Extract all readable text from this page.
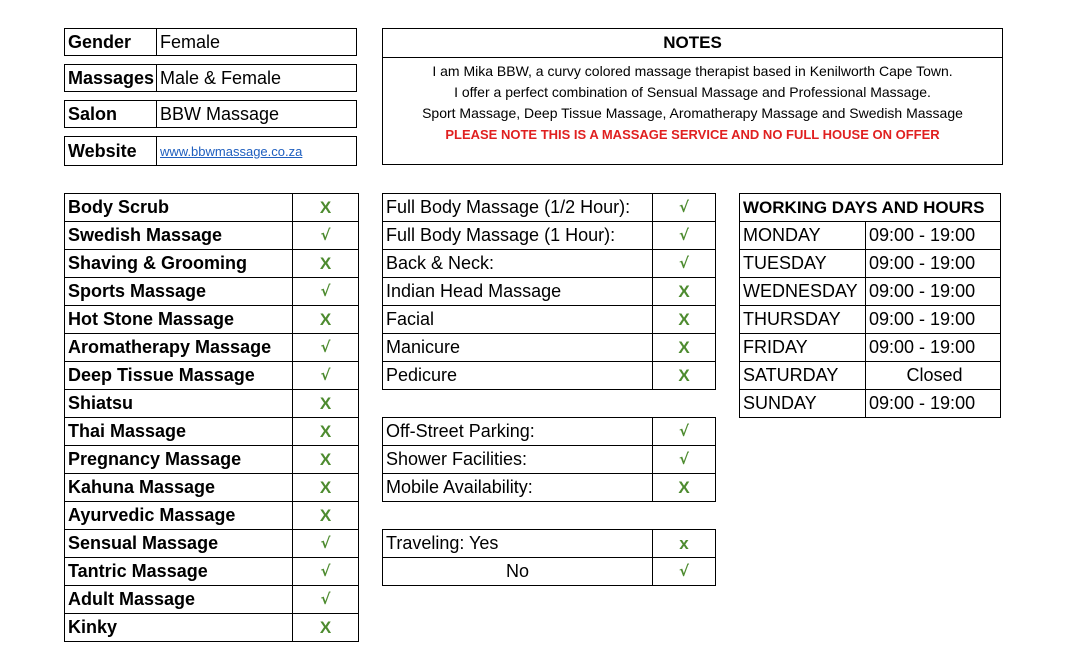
Gender	Female
Massages	Male & Female
Salon	BBW Massage
Website	www.bbwmassage.co.za
NOTES
I am Mika BBW, a curvy colored massage therapist based in Kenilworth Cape Town.
I offer a perfect combination of Sensual Massage and Professional Massage.
Sport Massage, Deep Tissue Massage, Aromatherapy Massage and Swedish Massage
PLEASE NOTE THIS IS A MASSAGE SERVICE AND NO FULL HOUSE ON OFFER
Body Scrub	X
Swedish Massage	√
Shaving & Grooming	X
Sports Massage	√
Hot Stone Massage	X
Aromatherapy Massage	√
Deep Tissue Massage	√
Shiatsu	X
Thai Massage	X
Pregnancy Massage	X
Kahuna Massage	X
Ayurvedic Massage	X
Sensual Massage	√
Tantric Massage	√
Adult Massage	√
Kinky	X
Full Body Massage (1/2 Hour):	√
Full Body Massage (1 Hour):	√
Back & Neck:	√
Indian Head Massage	X
Facial	X
Manicure	X
Pedicure	X
Off-Street Parking:	√
Shower Facilities:	√
Mobile Availability:	X
Traveling: Yes	x
No	√
WORKING DAYS AND HOURS	
MONDAY	09:00 - 19:00
TUESDAY	09:00 - 19:00
WEDNESDAY	09:00 - 19:00
THURSDAY	09:00 - 19:00
FRIDAY	09:00 - 19:00
SATURDAY	Closed
SUNDAY	09:00 - 19:00
